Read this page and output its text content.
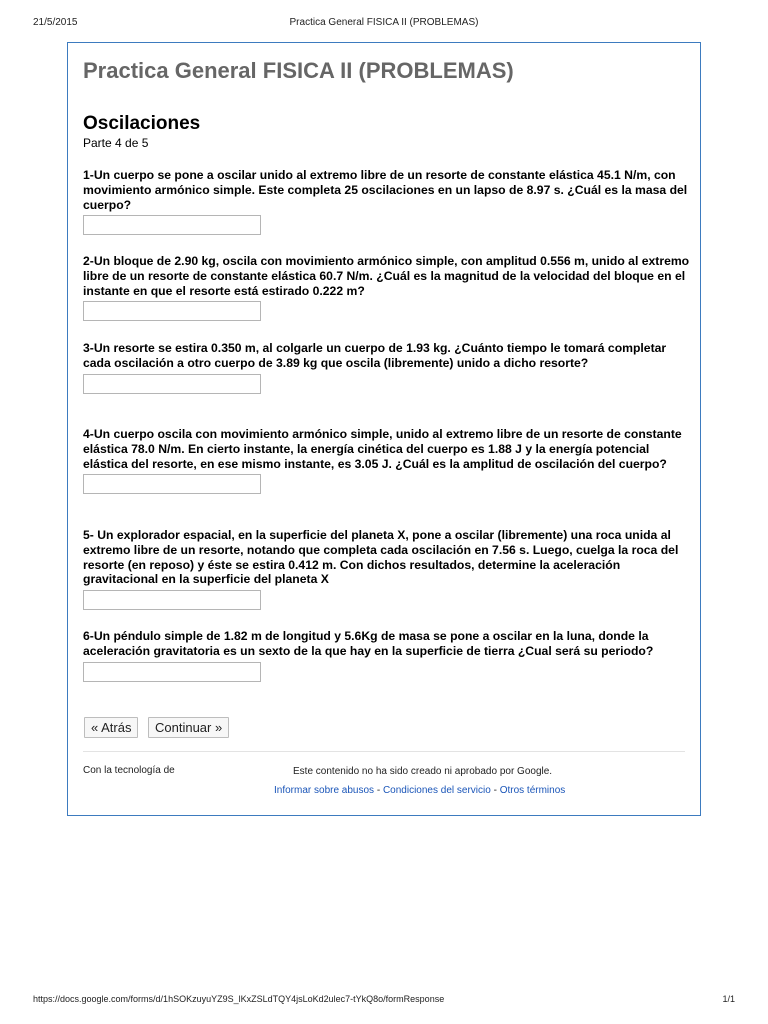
21/5/2015	Practica General FISICA II (PROBLEMAS)
Practica General FISICA II (PROBLEMAS)
Oscilaciones
Parte 4 de 5
1-Un cuerpo se pone a oscilar unido al extremo libre de un resorte de constante elástica 45.1 N/m, con movimiento armónico simple. Este completa 25 oscilaciones en un lapso de 8.97 s. ¿Cuál es la masa del cuerpo?
2-Un bloque de 2.90 kg, oscila con movimiento armónico simple, con amplitud 0.556 m, unido al extremo libre de un resorte de constante elástica 60.7 N/m. ¿Cuál es la magnitud de la velocidad del bloque en el instante en que el resorte está estirado 0.222 m?
3-Un resorte se estira 0.350 m, al colgarle un cuerpo de 1.93 kg. ¿Cuánto tiempo le tomará completar cada oscilación a otro cuerpo de 3.89 kg que oscila (libremente) unido a dicho resorte?
4-Un cuerpo oscila con movimiento armónico simple, unido al extremo libre de un resorte de constante elástica 78.0 N/m. En cierto instante, la energía cinética del cuerpo es 1.88 J y la energía potencial elástica del resorte, en ese mismo instante, es 3.05 J. ¿Cuál es la amplitud de oscilación del cuerpo?
5- Un explorador espacial, en la superficie del planeta X, pone a oscilar (libremente) una roca unida al extremo libre de un resorte, notando que completa cada oscilación en 7.56 s. Luego, cuelga la roca del resorte (en reposo) y éste se estira 0.412 m. Con dichos resultados, determine la aceleración gravitacional en la superficie del planeta X
6-Un péndulo simple de 1.82 m de longitud y 5.6Kg de masa se pone a oscilar en la luna, donde la aceleración gravitatoria es un sexto de la que hay en la superficie de tierra ¿Cual será su periodo?
« Atrás	Continuar »
Con la tecnología de	Este contenido no ha sido creado ni aprobado por Google.
Informar sobre abusos - Condiciones del servicio - Otros términos
https://docs.google.com/forms/d/1hSOKzuyuYZ9S_lKxZSLdTQY4jsLoKd2ulec7-tYkQ8o/formResponse	1/1
